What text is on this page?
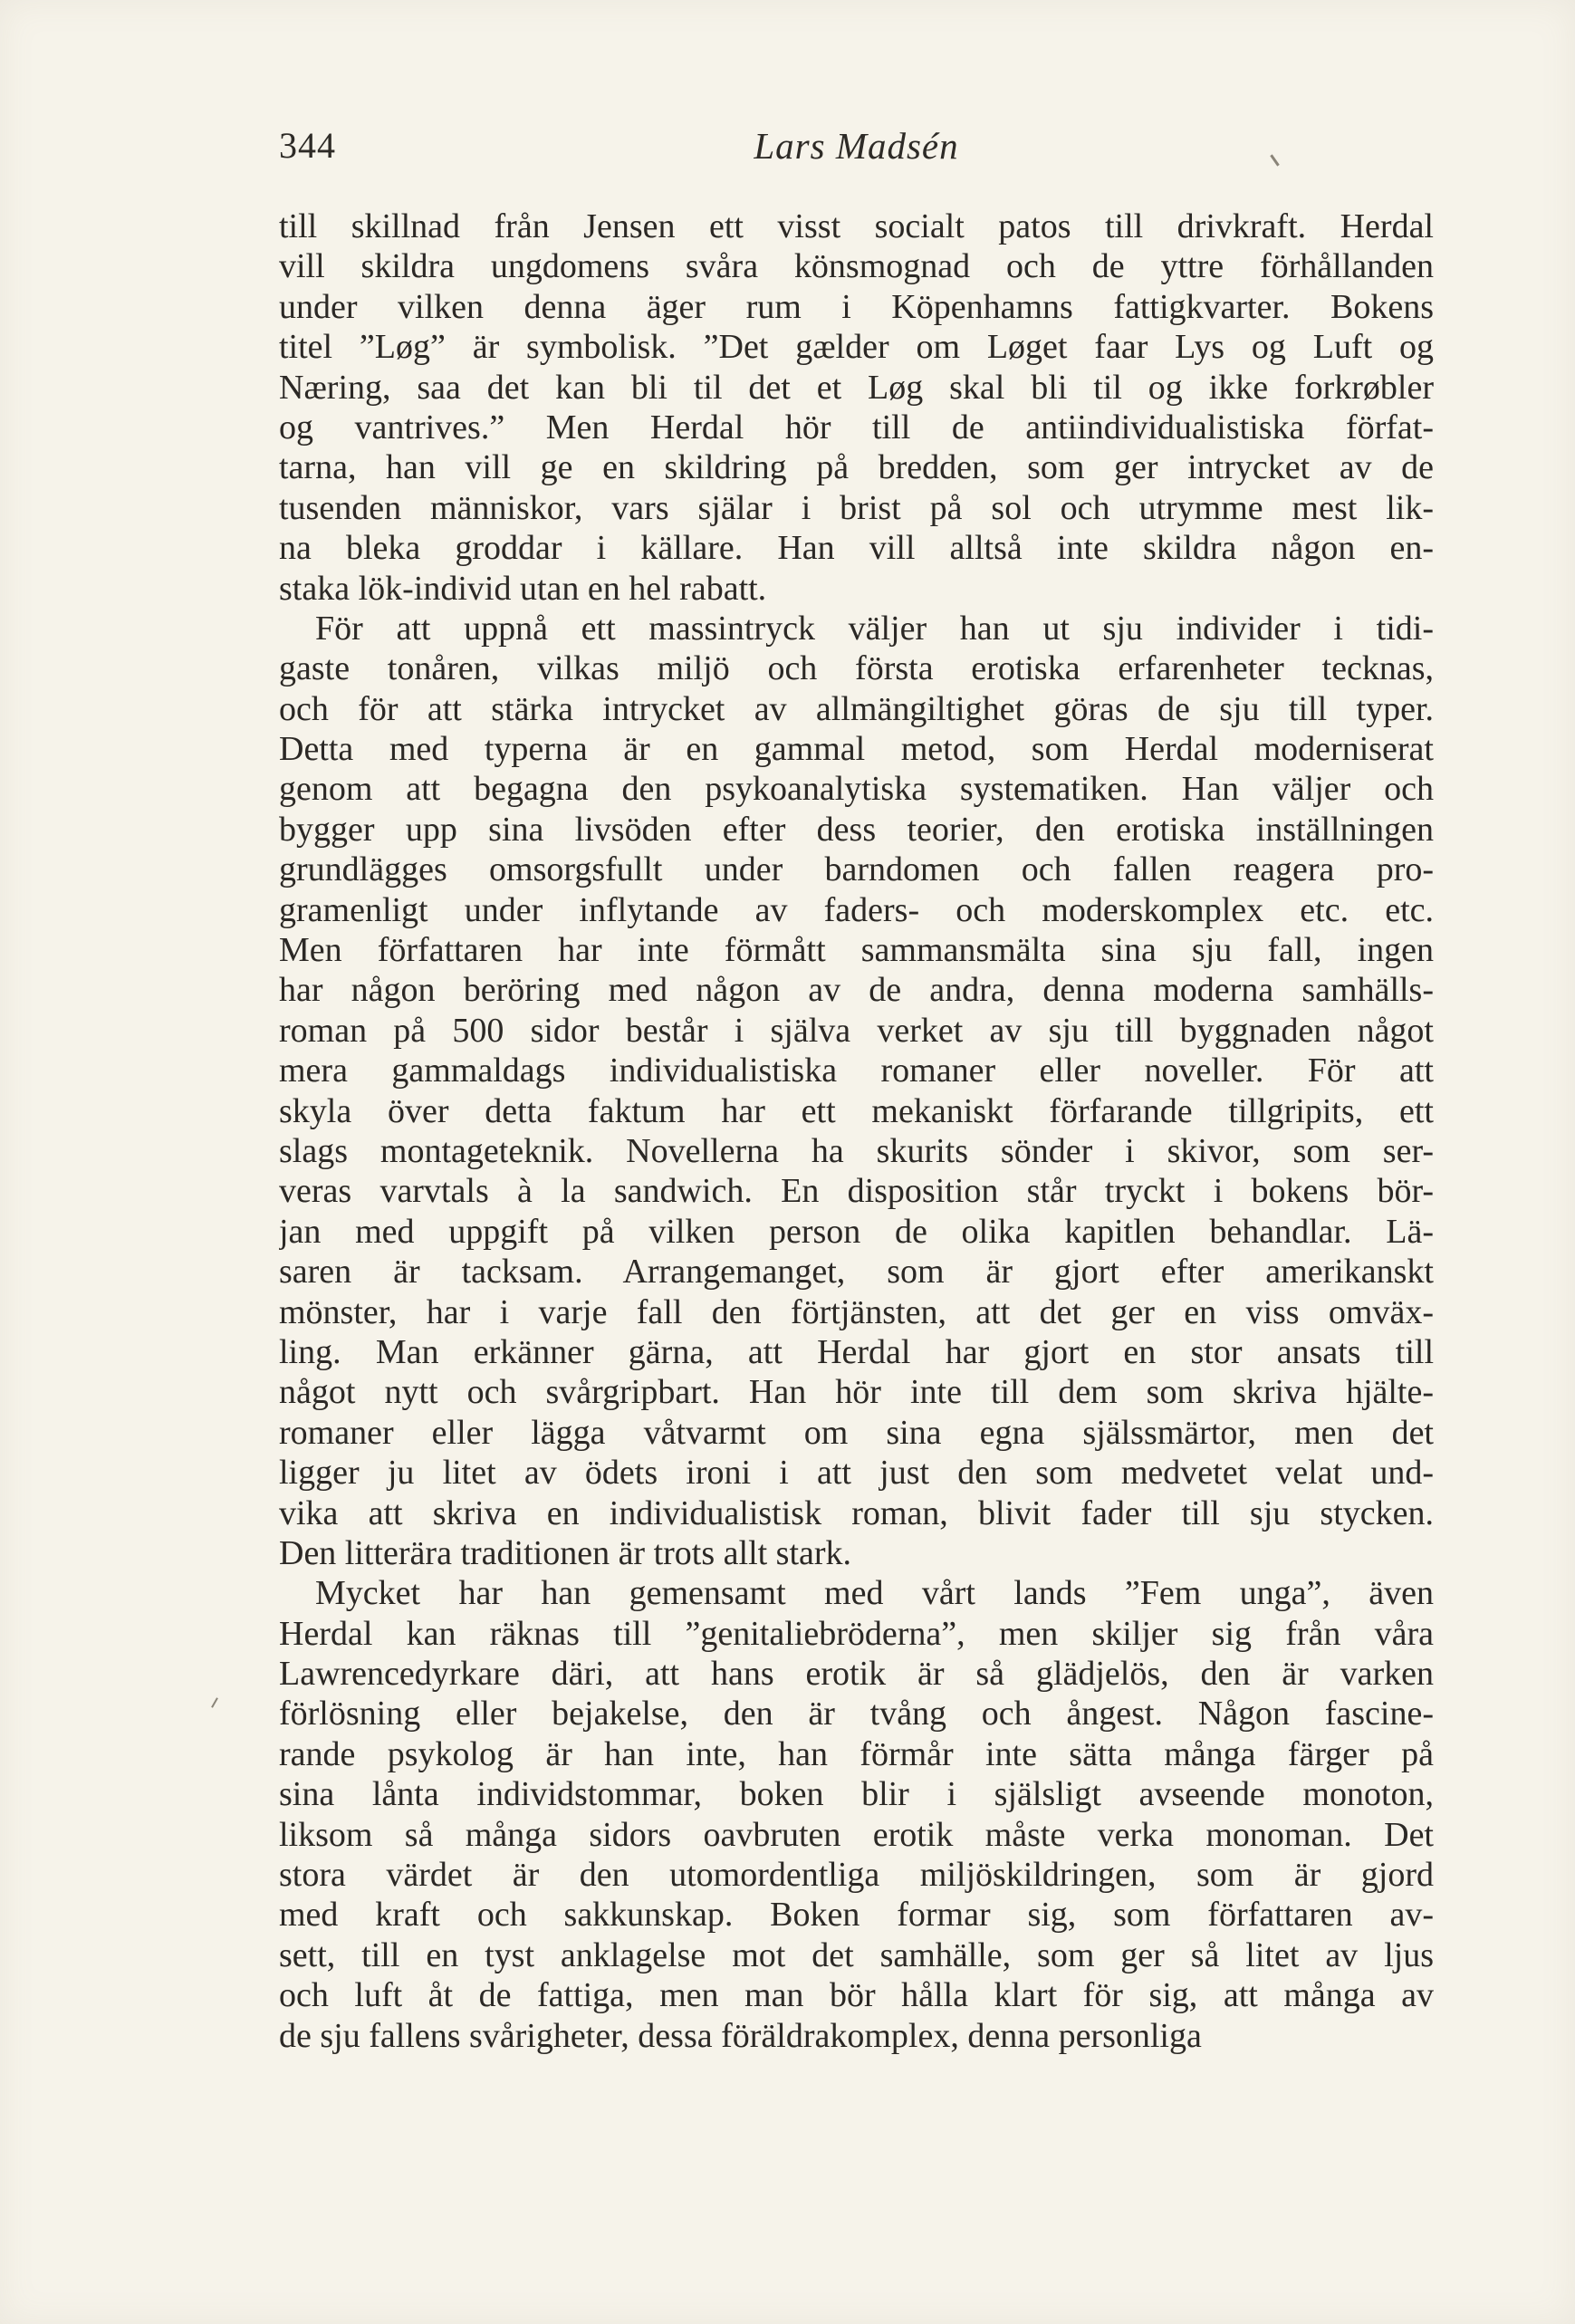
344	Lars Madsén
till skillnad från Jensen ett visst socialt patos till drivkraft. Herdal
vill skildra ungdomens svåra könsmognad och de yttre förhållanden
under vilken denna äger rum i Köpenhamns fattigkvarter. Bokens
titel ”Løg” är symbolisk. ”Det gælder om Løget faar Lys og Luft og
Næring, saa det kan bli til det et Løg skal bli til og ikke forkrøbler
og vantrives.” Men Herdal hör till de antiindividualistiska förfat-
tarna, han vill ge en skildring på bredden, som ger intrycket av de
tusenden människor, vars själar i brist på sol och utrymme mest lik-
na bleka groddar i källare. Han vill alltså inte skildra någon en-
staka lök-individ utan en hel rabatt.
För att uppnå ett massintryck väljer han ut sju individer i tidi-
gaste tonåren, vilkas miljö och första erotiska erfarenheter tecknas,
och för att stärka intrycket av allmängiltighet göras de sju till typer.
Detta med typerna är en gammal metod, som Herdal moderniserat
genom att begagna den psykoanalytiska systematiken. Han väljer och
bygger upp sina livsöden efter dess teorier, den erotiska inställningen
grundlägges omsorgsfullt under barndomen och fallen reagera pro-
gramenligt under inflytande av faders- och moderskomplex etc. etc.
Men författaren har inte förmått sammansmälta sina sju fall, ingen
har någon beröring med någon av de andra, denna moderna samhälls-
roman på 500 sidor består i själva verket av sju till byggnaden något
mera gammaldags individualistiska romaner eller noveller. För att
skyla över detta faktum har ett mekaniskt förfarande tillgripits, ett
slags montageteknik. Novellerna ha skurits sönder i skivor, som ser-
veras varvtals à la sandwich. En disposition står tryckt i bokens bör-
jan med uppgift på vilken person de olika kapitlen behandlar. Lä-
saren är tacksam. Arrangemanget, som är gjort efter amerikanskt
mönster, har i varje fall den förtjänsten, att det ger en viss omväx-
ling. Man erkänner gärna, att Herdal har gjort en stor ansats till
något nytt och svårgripbart. Han hör inte till dem som skriva hjälte-
romaner eller lägga våtvarmt om sina egna själssmärtor, men det
ligger ju litet av ödets ironi i att just den som medvetet velat und-
vika att skriva en individualistisk roman, blivit fader till sju stycken.
Den litterära traditionen är trots allt stark.
Mycket har han gemensamt med vårt lands ”Fem unga”, även
Herdal kan räknas till ”genitaliebröderna”, men skiljer sig från våra
Lawrencedyrkare däri, att hans erotik är så glädjelös, den är varken
förlösning eller bejakelse, den är tvång och ångest. Någon fascine-
rande psykolog är han inte, han förmår inte sätta många färger på
sina lånta individstommar, boken blir i själsligt avseende monoton,
liksom så många sidors oavbruten erotik måste verka monoman. Det
stora värdet är den utomordentliga miljöskildringen, som är gjord
med kraft och sakkunskap. Boken formar sig, som författaren av-
sett, till en tyst anklagelse mot det samhälle, som ger så litet av ljus
och luft åt de fattiga, men man bör hålla klart för sig, att många av
de sju fallens svårigheter, dessa föräldrakomplex, denna personliga
